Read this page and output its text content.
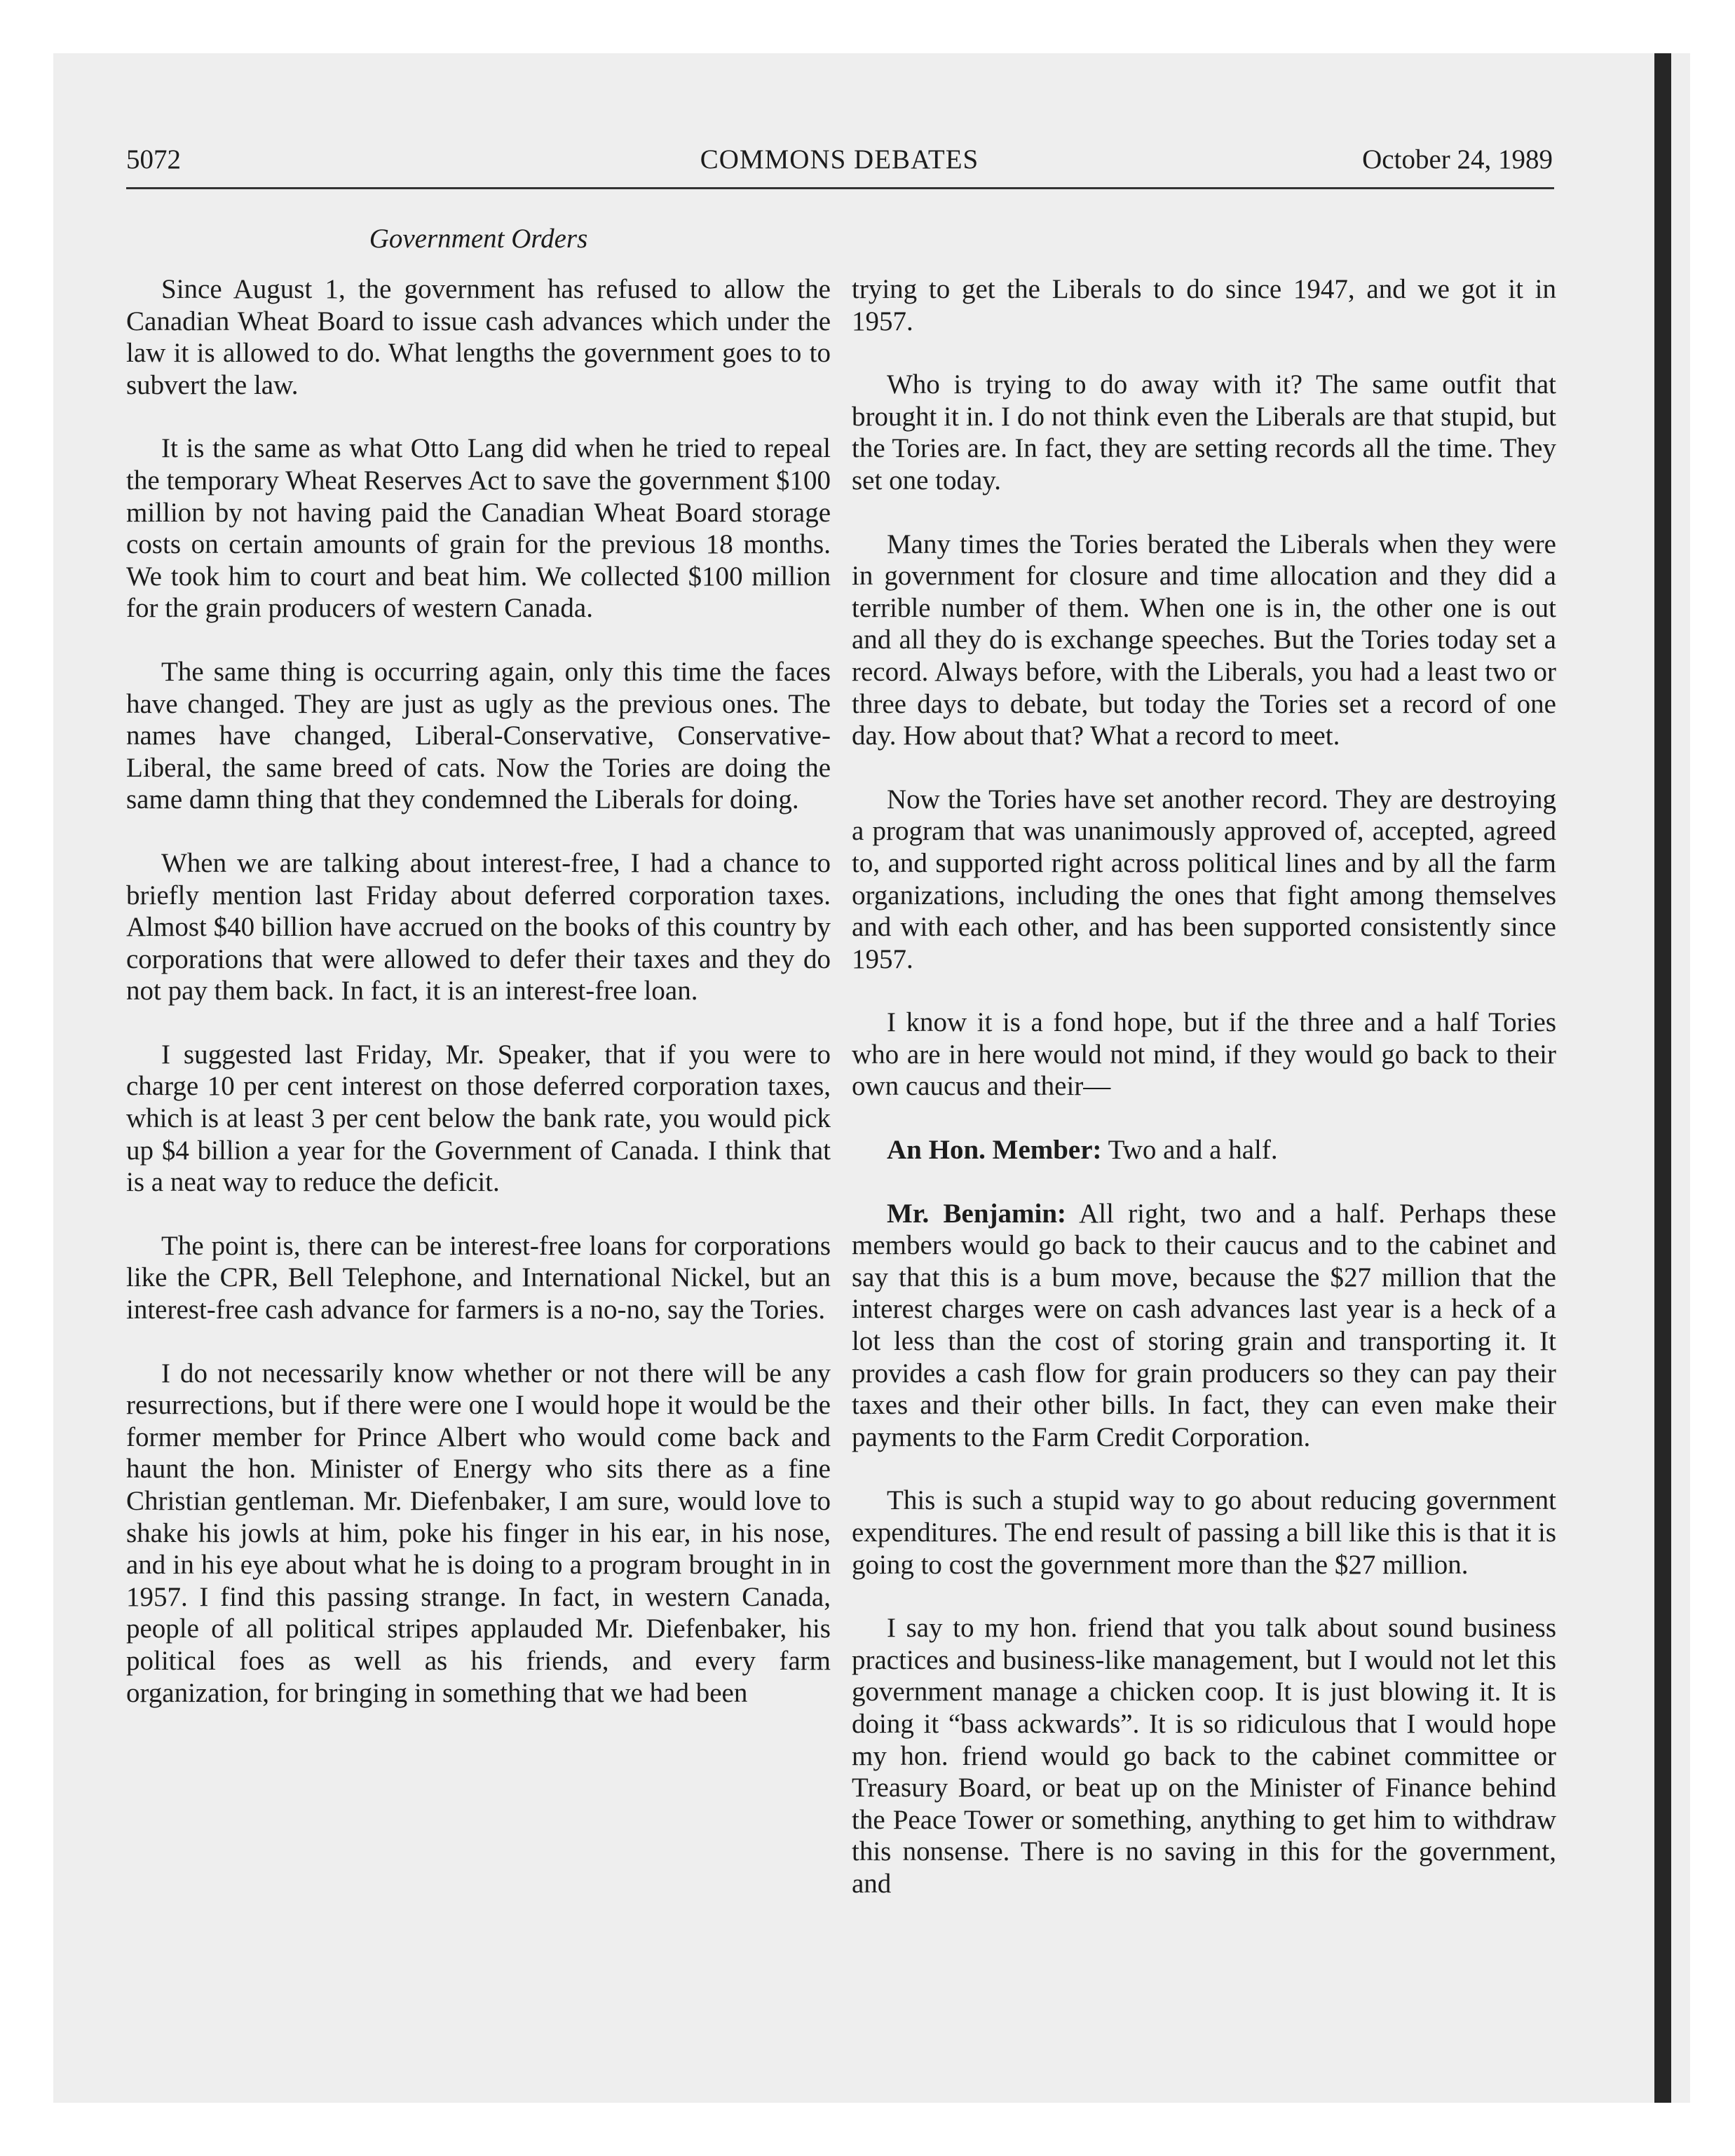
5072	COMMONS DEBATES	October 24, 1989
Government Orders

Since August 1, the government has refused to allow the Canadian Wheat Board to issue cash advances which under the law it is allowed to do. What lengths the government goes to to subvert the law.

It is the same as what Otto Lang did when he tried to repeal the temporary Wheat Reserves Act to save the government $100 million by not having paid the Canadian Wheat Board storage costs on certain amounts of grain for the previous 18 months. We took him to court and beat him. We collected $100 million for the grain producers of western Canada.

The same thing is occurring again, only this time the faces have changed. They are just as ugly as the previous ones. The names have changed, Liberal-Conservative, Conservative-Liberal, the same breed of cats. Now the Tories are doing the same damn thing that they condemned the Liberals for doing.

When we are talking about interest-free, I had a chance to briefly mention last Friday about deferred corporation taxes. Almost $40 billion have accrued on the books of this country by corporations that were allowed to defer their taxes and they do not pay them back. In fact, it is an interest-free loan.

I suggested last Friday, Mr. Speaker, that if you were to charge 10 per cent interest on those deferred corporation taxes, which is at least 3 per cent below the bank rate, you would pick up $4 billion a year for the Government of Canada. I think that is a neat way to reduce the deficit.

The point is, there can be interest-free loans for corporations like the CPR, Bell Telephone, and International Nickel, but an interest-free cash advance for farmers is a no-no, say the Tories.

I do not necessarily know whether or not there will be any resurrections, but if there were one I would hope it would be the former member for Prince Albert who would come back and haunt the hon. Minister of Energy who sits there as a fine Christian gentleman. Mr. Diefenbaker, I am sure, would love to shake his jowls at him, poke his finger in his ear, in his nose, and in his eye about what he is doing to a program brought in in 1957. I find this passing strange. In fact, in western Canada, people of all political stripes applauded Mr. Diefenbaker, his political foes as well as his friends, and every farm organization, for bringing in something that we had been

trying to get the Liberals to do since 1947, and we got it in 1957.

Who is trying to do away with it? The same outfit that brought it in. I do not think even the Liberals are that stupid, but the Tories are. In fact, they are setting records all the time. They set one today.

Many times the Tories berated the Liberals when they were in government for closure and time allocation and they did a terrible number of them. When one is in, the other one is out and all they do is exchange speeches. But the Tories today set a record. Always before, with the Liberals, you had a least two or three days to debate, but today the Tories set a record of one day. How about that? What a record to meet.

Now the Tories have set another record. They are destroying a program that was unanimously approved of, accepted, agreed to, and supported right across political lines and by all the farm organizations, including the ones that fight among themselves and with each other, and has been supported consistently since 1957.

I know it is a fond hope, but if the three and a half Tories who are in here would not mind, if they would go back to their own caucus and their—

An Hon. Member: Two and a half.

Mr. Benjamin: All right, two and a half. Perhaps these members would go back to their caucus and to the cabinet and say that this is a bum move, because the $27 million that the interest charges were on cash advances last year is a heck of a lot less than the cost of storing grain and transporting it. It provides a cash flow for grain producers so they can pay their taxes and their other bills. In fact, they can even make their payments to the Farm Credit Corporation.

This is such a stupid way to go about reducing government expenditures. The end result of passing a bill like this is that it is going to cost the government more than the $27 million.

I say to my hon. friend that you talk about sound business practices and business-like management, but I would not let this government manage a chicken coop. It is just blowing it. It is doing it “bass ackwards”. It is so ridiculous that I would hope my hon. friend would go back to the cabinet committee or Treasury Board, or beat up on the Minister of Finance behind the Peace Tower or something, anything to get him to withdraw this nonsense. There is no saving in this for the government, and
